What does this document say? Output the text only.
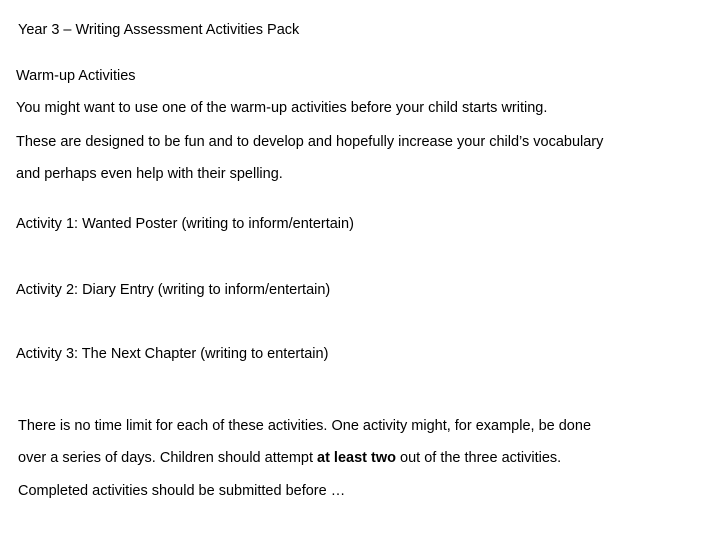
Year 3 – Writing Assessment Activities Pack
Warm-up Activities
You might want to use one of the warm-up activities before your child starts writing.
These are designed to be fun and to develop and hopefully increase your child’s vocabulary
and perhaps even help with their spelling.
Activity 1: Wanted Poster (writing to inform/entertain)
Activity 2: Diary Entry (writing to inform/entertain)
Activity 3: The Next Chapter (writing to entertain)
There is no time limit for each of these activities. One activity might, for example, be done
over a series of days. Children should attempt at least two out of the three activities.
Completed activities should be submitted before …
